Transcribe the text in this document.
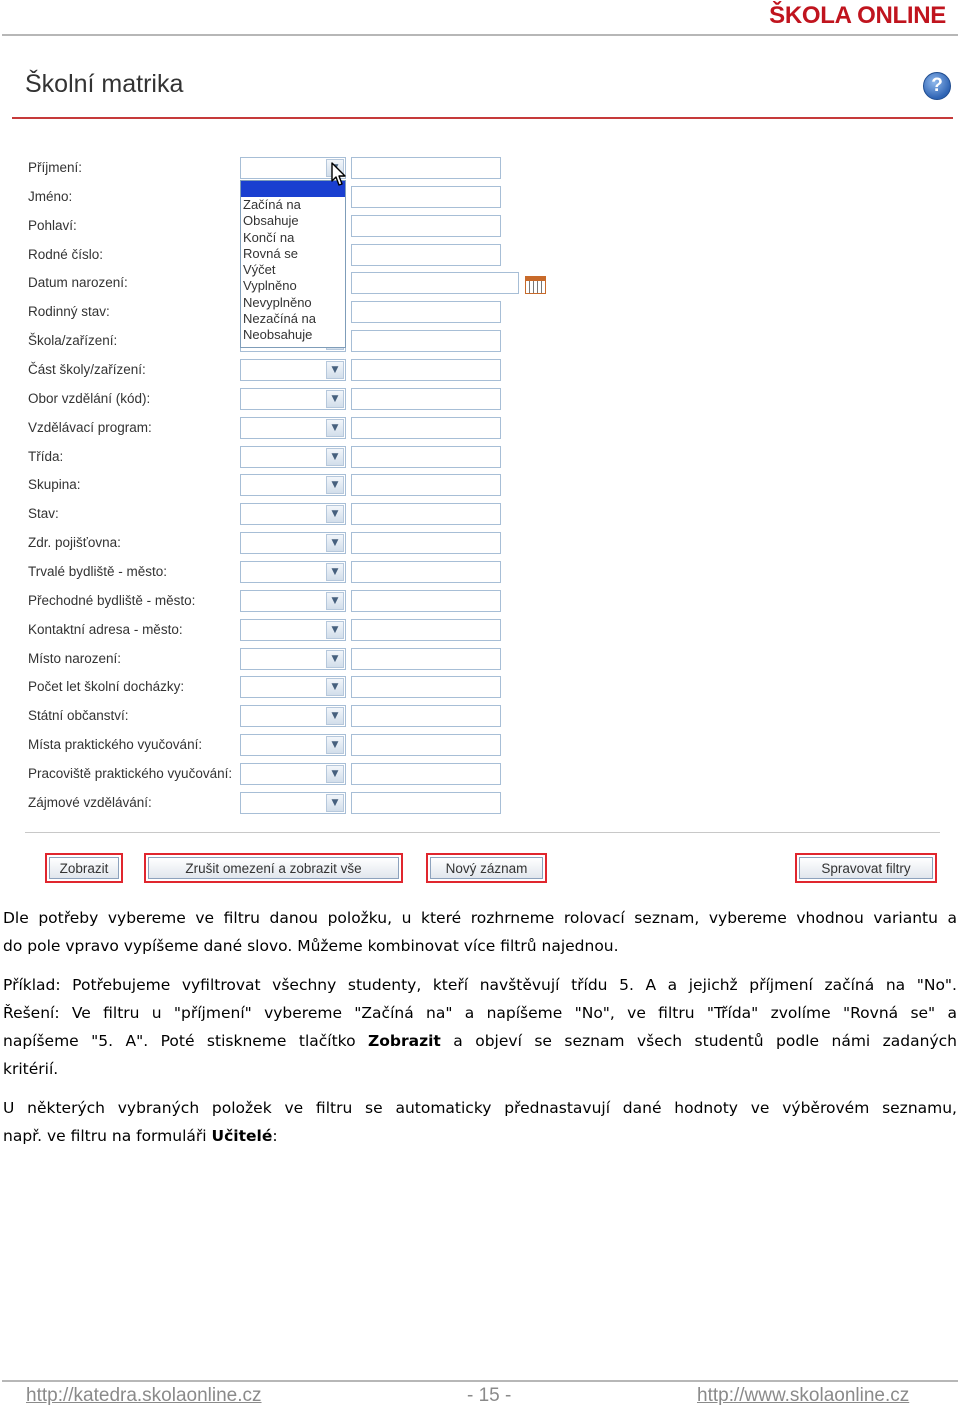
ŠKOLA ONLINE
Školní matrika	?
Příjmení:
Jméno:
Pohlaví:
Rodné číslo:
Datum narození:
Rodinný stav:
Škola/zařízení:
Část školy/zařízení:	▼
Obor vzdělání (kód):	▼
Vzdělávací program:	▼
Třída:	▼
Skupina:	▼
Stav:	▼
Zdr. pojišťovna:	▼
Trvalé bydliště - město:	▼
Přechodné bydliště - město:	▼
Kontaktní adresa - město:	▼
Místo narození:	▼
Počet let školní docházky:	▼
Státní občanství:	▼
Místa praktického vyučování:	▼
Pracoviště praktického vyučování:	▼
Zájmové vzdělávání:	▼
Začíná na
Obsahuje
Končí na
Rovná se
Výčet
Vyplněno
Nevyplněno
Nezačíná na
Neobsahuje
Zobrazit	Zrušit omezení a zobrazit vše	Nový záznam	Spravovat filtry
Dle potřeby vybereme ve filtru danou položku, u které rozhrneme rolovací seznam, vybereme vhodnou variantu a
do pole vpravo vypíšeme dané slovo. Můžeme kombinovat více filtrů najednou.
Příklad: Potřebujeme vyfiltrovat všechny studenty, kteří navštěvují třídu 5. A a jejichž příjmení začíná na "No".
Řešení: Ve filtru u "příjmení" vybereme "Začíná na" a napíšeme "No", ve filtru "Třída" zvolíme "Rovná se" a
napíšeme "5. A". Poté stiskneme tlačítko Zobrazit a objeví se seznam všech studentů podle námi zadaných
kritérií.
U některých vybraných položek ve filtru se automaticky přednastavují dané hodnoty ve výběrovém seznamu,
např. ve filtru na formuláři Učitelé:
http://katedra.skolaonline.cz	- 15 -	http://www.skolaonline.cz
